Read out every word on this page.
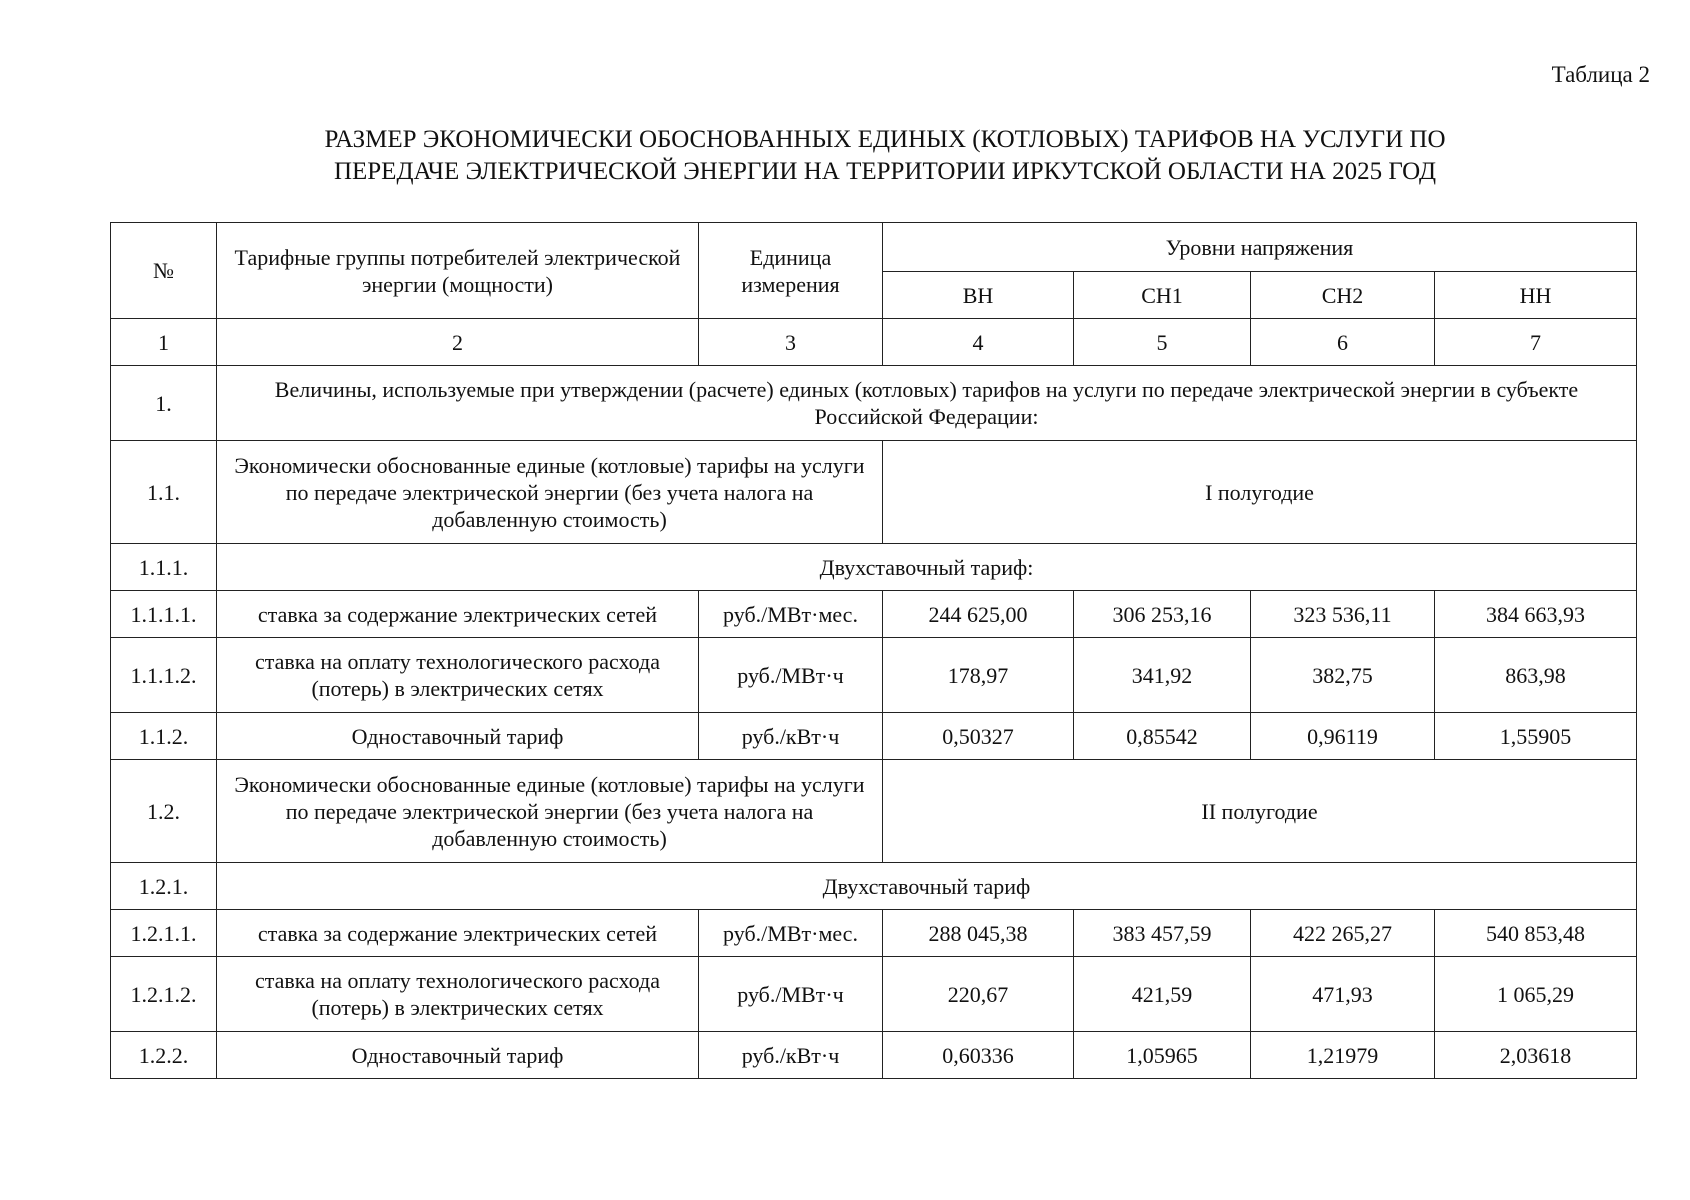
Таблица 2
РАЗМЕР ЭКОНОМИЧЕСКИ ОБОСНОВАННЫХ ЕДИНЫХ (КОТЛОВЫХ) ТАРИФОВ НА УСЛУГИ ПО
ПЕРЕДАЧЕ ЭЛЕКТРИЧЕСКОЙ ЭНЕРГИИ НА ТЕРРИТОРИИ ИРКУТСКОЙ ОБЛАСТИ НА 2025 ГОД
№	Тарифные группы потребителей электрической энергии (мощности)	Единица измерения	Уровни напряжения			
			ВН	СН1	СН2	НН
1	2	3	4	5	6	7
1.	Величины, используемые при утверждении (расчете) единых (котловых) тарифов на услуги по передаче электрической энергии в субъекте Российской Федерации:					
1.1.	Экономически обоснованные единые (котловые) тарифы на услуги по передаче электрической энергии (без учета налога на добавленную стоимость)		I полугодие			
1.1.1.	Двухставочный тариф:					
1.1.1.1.	ставка за содержание электрических сетей	руб./МВт·мес.	244 625,00	306 253,16	323 536,11	384 663,93
1.1.1.2.	ставка на оплату технологического расхода (потерь) в электрических сетях	руб./МВт·ч	178,97	341,92	382,75	863,98
1.1.2.	Одноставочный тариф	руб./кВт·ч	0,50327	0,85542	0,96119	1,55905
1.2.	Экономически обоснованные единые (котловые) тарифы на услуги по передаче электрической энергии (без учета налога на добавленную стоимость)		II полугодие			
1.2.1.	Двухставочный тариф					
1.2.1.1.	ставка за содержание электрических сетей	руб./МВт·мес.	288 045,38	383 457,59	422 265,27	540 853,48
1.2.1.2.	ставка на оплату технологического расхода (потерь) в электрических сетях	руб./МВт·ч	220,67	421,59	471,93	1 065,29
1.2.2.	Одноставочный тариф	руб./кВт·ч	0,60336	1,05965	1,21979	2,03618
